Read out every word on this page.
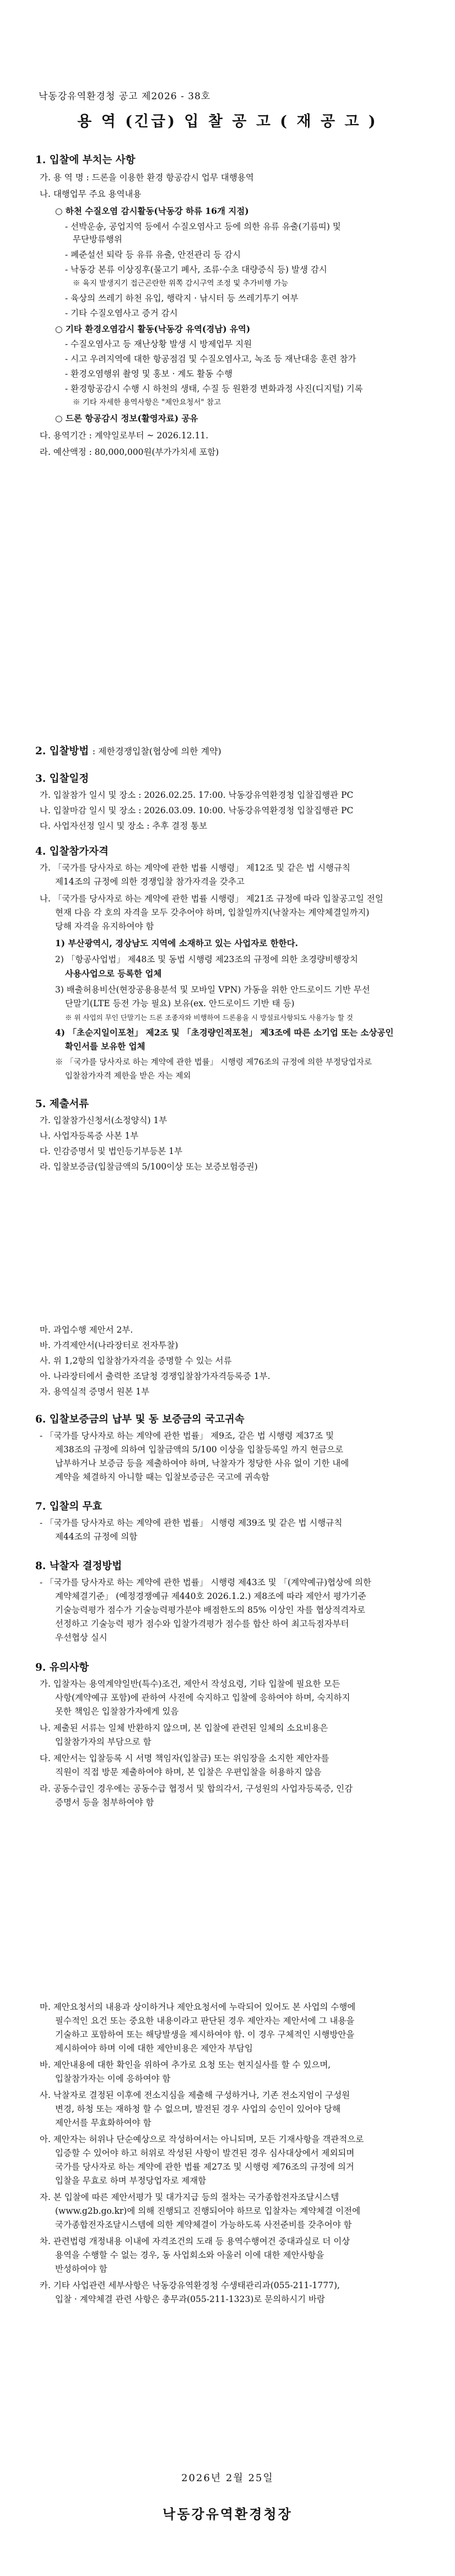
낙동강유역환경청 공고 제2026 - 38호
용 역 (긴급) 입 찰 공 고 ( 재 공 고 )
1. 입찰에 부치는 사항
가. 용 역 명 : 드론을 이용한 환경 항공감시 업무 대행용역
나. 대행업무 주요 용역내용
○ 하천 수질오염 감시활동(낙동강 하류 16개 지점)
- 선박운송, 공업지역 등에서 수질오염사고 등에 의한 유류 유출(기름띠) 및
무단방류행위
- 폐준설선 퇴락 등 유류 유출, 안전관리 등 감시
- 낙동강 본류 이상징후(물고기 폐사, 조류·수초 대량증식 등) 발생 감시
※ 육지 발생지기 접근곤란한 위쪽 감시구역 조정 및 추가비행 가능
- 육상의 쓰레기 하천 유입, 행락지 · 낚시터 등 쓰레기투기 여부
- 기타 수질오염사고 증거 감시
○ 기타 환경오염감시 활동(낙동강 유역(경남) 유역)
- 수질오염사고 등 재난상황 발생 시 방제업무 지원
- 시고 우려지역에 대한 항공점검 및 수질오염사고, 녹조 등 재난대응 훈련 참가
- 환경오염행위 촬영 및 홍보 · 계도 활동 수행
- 환경항공감시 수행 시 하천의 생태, 수질 등 원환경 변화과정 사진(디지털) 기록
※ 기타 자세한 용역사항은 "제안요청서" 참고
○ 드론 항공감시 정보(활영자료) 공유
다. 용역기간 : 계약일로부터 ~ 2026.12.11.
라. 예산액정 : 80,000,000원(부가가치세 포함)
2. 입찰방법 : 제한경쟁입찰(협상에 의한 계약)
3. 입찰일정
가. 입찰참가 일시 및 장소 : 2026.02.25. 17:00. 낙동강유역환경청 입찰집행관 PC
나. 입찰마감 일시 및 장소 : 2026.03.09. 10:00. 낙동강유역환경청 입찰집행관 PC
다. 사업자선정 일시 및 장소 : 추후 결정 통보
4. 입찰참가자격
가. 「국가를 당사자로 하는 계약에 관한 법률 시행령」 제12조 및 같은 법 시행규칙
제14조의 규정에 의한 경쟁입찰 참가자격을 갖추고
나. 「국가를 당사자로 하는 계약에 관한 법률 시행령」 제21조 규정에 따라 입찰공고일 전일
현재 다음 각 호의 자격을 모두 갖추어야 하며, 입찰일까지(낙찰자는 계약체결일까지)
당해 자격을 유지하여야 함
1) 부산광역시, 경상남도 지역에 소재하고 있는 사업자로 한한다.
2) 「항공사업법」 제48조 및 동법 시행령 제23조의 규정에 의한 초경량비행장치
사용사업으로 등록한 업체
3) 배출허용비산(현장공용용분석 및 모바일 VPN) 가동을 위한 안드로이드 기반 무선
단말기(LTE 등전 가능 필요) 보유(ex. 안드로이드 기반 태 등)
※ 위 사업의 무인 단말기는 드론 조종자와 비행하여 드론용을 시 방설료사항되도 사용가능 할 것
4) 「초순지일이포천」 제2조 및 「초경량인적포천」 제3조에 따른 소기업 또는 소상공인
확인서를 보유한 업체
※ 「국가를 당사자로 하는 계약에 관한 법률」 시행령 제76조의 규정에 의한 부정당업자로
입찰참가자격 제한을 받은 자는 제외
5. 제출서류
가. 입찰참가신청서(소정양식) 1부
나. 사업자등록증 사본 1부
다. 인감증명서 및 법인등기부등본 1부
라. 입찰보증금(입찰금액의 5/100이상 또는 보증보험증권)
마. 과업수행 제안서 2부.
바. 가격제안서(나라장터로 전자투찰)
사. 위 1,2항의 입찰참가자격을 증명할 수 있는 서류
아. 나라장터에서 출력한 조달청 경쟁입찰참가자격등록증 1부.
자. 용역실적 증명서 원본 1부
6. 입찰보증금의 납부 및 동 보증금의 국고귀속
- 「국가를 당사자로 하는 계약에 관한 법률」 제9조, 같은 법 시행령 제37조 및
제38조의 규정에 의하여 입찰금액의 5/100 이상을 입찰등록일 까지 현금으로
납부하거나 보증금 등을 제출하여야 하며, 낙찰자가 정당한 사유 없이 기한 내에
계약을 체결하지 아니할 때는 입찰보증금은 국고에 귀속함
7. 입찰의 무효
- 「국가를 당사자로 하는 계약에 관한 법률」 시행령 제39조 및 같은 법 시행규칙
제44조의 규정에 의함
8. 낙찰자 결정방법
- 「국가를 당사자로 하는 계약에 관한 법률」 시행령 제43조 및 「(계약예규)협상에 의한
계약체결기준」 (예정경쟁예규 제440호 2026.1.2.) 제8조에 따라 제안서 평가기준
기술능력평가 점수가 기술능력평가분야 배점한도의 85% 이상인 자를 협상적격자로
선정하고 기술능력 평가 점수와 입찰가격평가 점수를 합산 하여 최고득점자부터
우선협상 실시
9. 유의사항
가. 입찰자는 용역계약일반(특수)조건, 제안서 작성요령, 기타 입찰에 필요한 모든
사항(계약예규 포함)에 관하여 사전에 숙지하고 입찰에 응하여야 하며, 숙지하지
못한 책임은 입찰참가자에게 있음
나. 제출된 서류는 일체 반환하지 않으며, 본 입찰에 관련된 일체의 소요비용은
입찰참가자의 부담으로 함
다. 제안서는 입찰등록 시 서명 책임자(입찰금) 또는 위임장을 소지한 제안자를
직원이 직접 방문 제출하여야 하며, 본 입찰은 우편입찰을 허용하지 않음
라. 공동수급인 경우에는 공동수급 협정서 및 합의각서, 구성원의 사업자등록증, 인감
증명서 등을 첨부하여야 함
마. 제안요청서의 내용과 상이하거나 제안요청서에 누락되어 있어도 본 사업의 수행에
필수적인 요건 또는 중요한 내용이라고 판단된 경우 제안자는 제안서에 그 내용을
기술하고 포함하여 또는 해당발생을 제시하여야 함. 이 경우 구체적인 시행방안을
제시하여야 하며 이에 대한 제안비용은 제안자 부담임
바. 제안내용에 대한 확인을 위하여 추가로 요청 또는 현지실사를 할 수 있으며,
입찰참가자는 이에 응하여야 함
사. 낙찰자로 결정된 이후에 전소지심을 제출해 구성하거나, 기존 전소지엄이 구성원
변경, 하청 또는 재하청 할 수 없으며, 발전된 경우 사업의 승인이 있어야 당해
제안서를 무효화하여야 함
아. 제안자는 허위나 단순예상으로 작성하여서는 아니되며, 모든 기재사항을 객관적으로
입증할 수 있어야 하고 허위로 작성된 사항이 발견된 경우 심사대상에서 제외되며
국가를 당사자로 하는 계약에 관한 법률 제27조 및 시행령 제76조의 규정에 의거
입찰을 무효로 하며 부정당업자로 제재함
자. 본 입찰에 따른 제안서평가 및 대가지급 등의 절차는 국가종합전자조달시스템
(www.g2b.go.kr)에 의해 진행되고 진행되어야 하므로 입찰자는 계약체결 이전에
국가종합전자조달시스템에 의한 계약체결이 가능하도록 사전준비를 갖추어야 함
차. 관련법령 개정내용 이내에 자격조건의 도래 등 용역수행여건 중대과실로 더 이상
용역을 수행할 수 없는 경우, 동 사업회소와 아울러 이에 대한 제안사항을
반성하여야 함
카. 기타 사업관련 세부사항은 낙동강유역환경청 수생태관리과(055-211-1777),
입찰 · 계약체결 관련 사항은 총무과(055-211-1323)로 문의하시기 바람
2026년 2월 25일
낙동강유역환경청장
